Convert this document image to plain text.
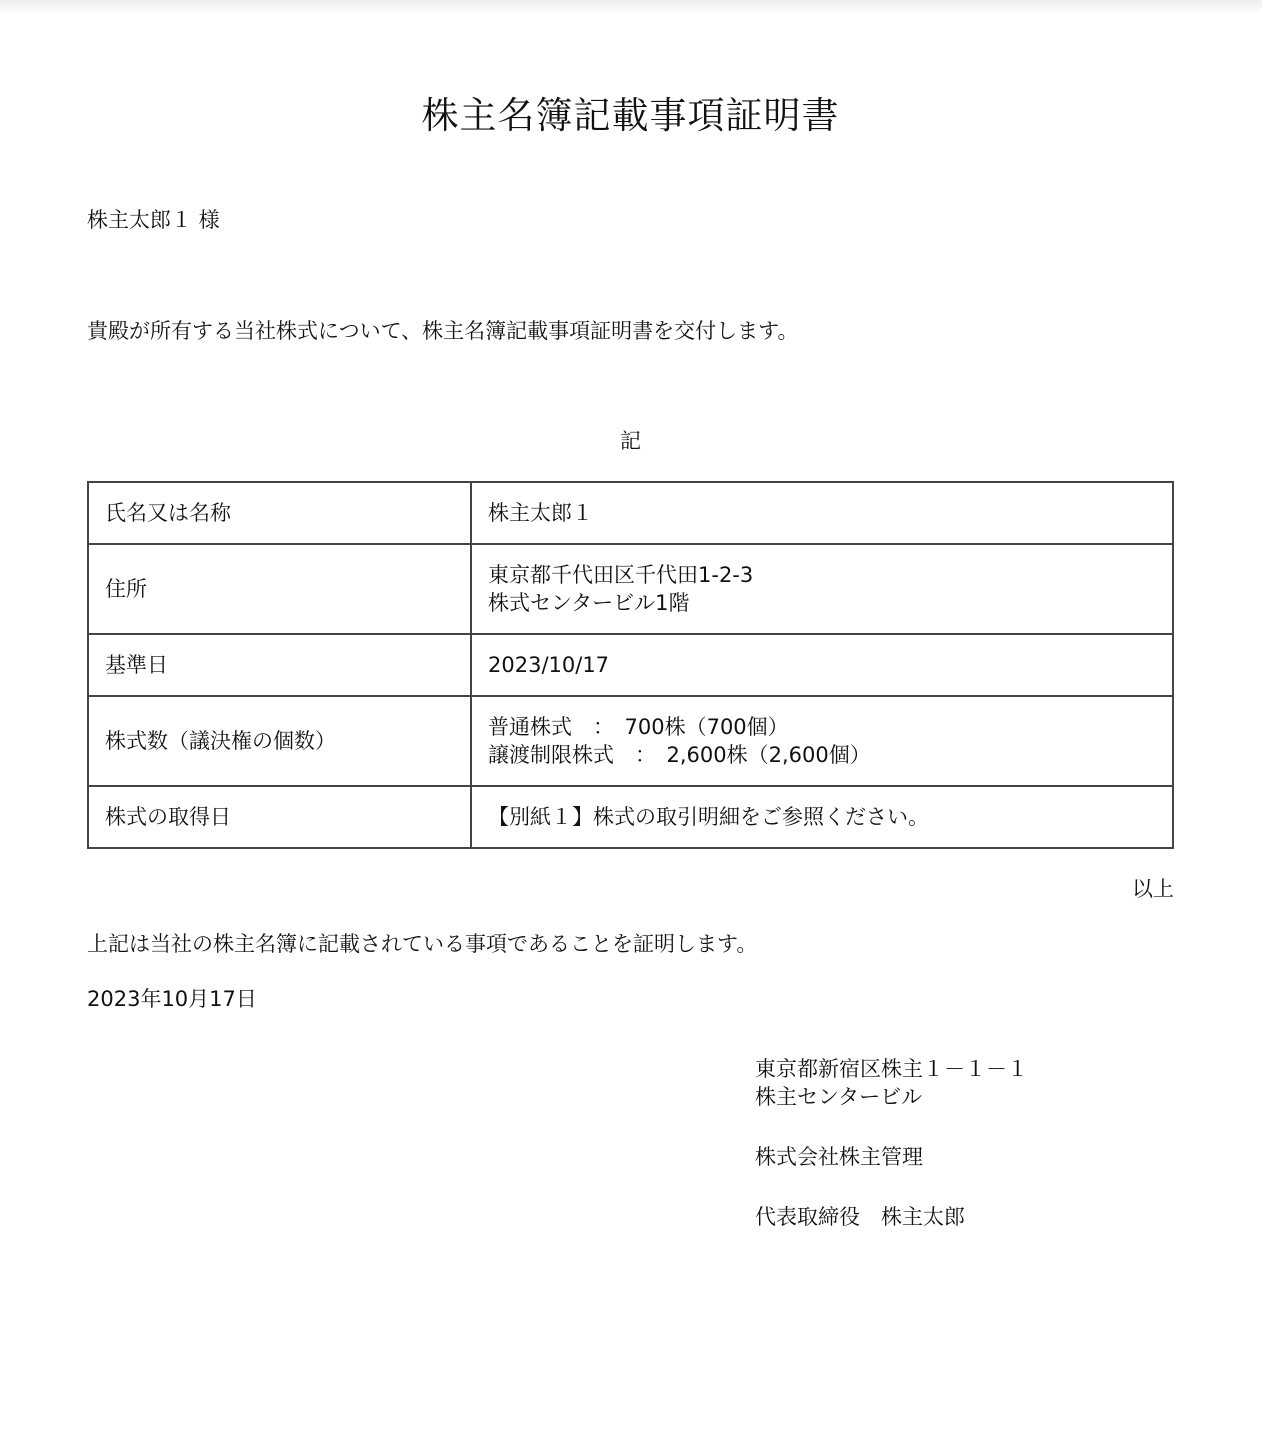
株主名簿記載事項証明書
株主太郎１ 様
貴殿が所有する当社株式について、株主名簿記載事項証明書を交付します。
記
氏名又は名称	株主太郎１

住所	東京都千代田区千代田1-2-3
株式センタービル1階

基準日	2023/10/17

株式数（議決権の個数）	普通株式　：　700株（700個）
譲渡制限株式　：　2,600株（2,600個）

株式の取得日	【別紙１】株式の取引明細をご参照ください。
以上
上記は当社の株主名簿に記載されている事項であることを証明します。
2023年10月17日
東京都新宿区株主１－１－１
株主センタービル
株式会社株主管理
代表取締役　株主太郎
